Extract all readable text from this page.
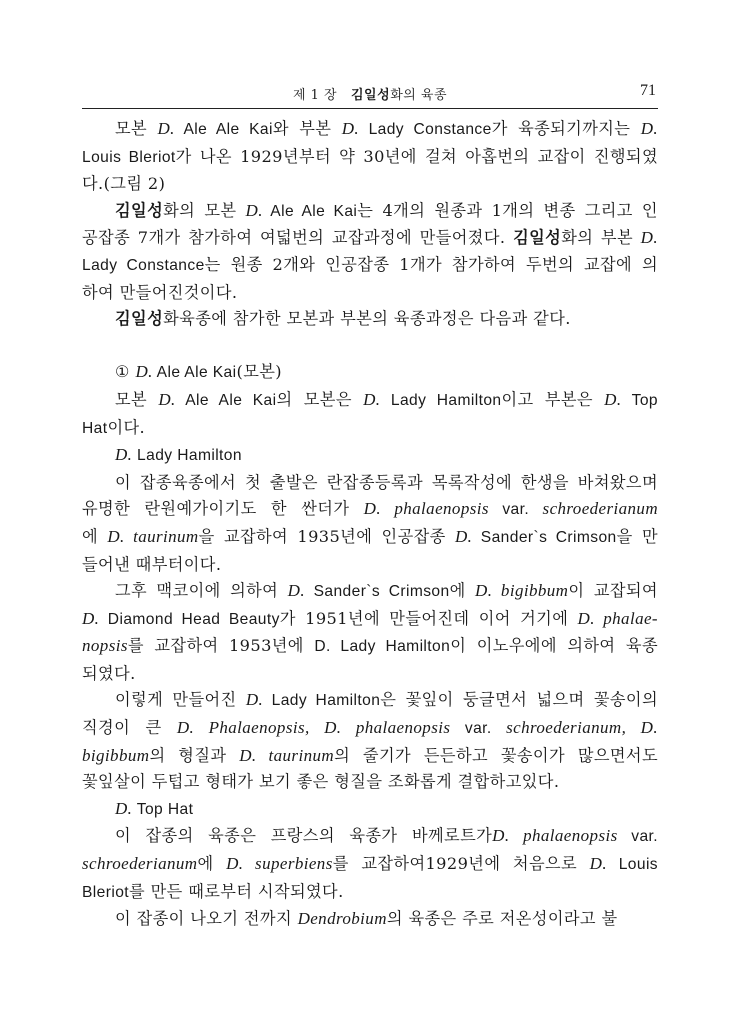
제 1 장 김일성화의 육종	71

모본 D. Ale Ale Kai와 부본 D. Lady Constance가 육종되기까지는 D.
Louis Bleriot가 나온 1929년부터 약 30년에 걸쳐 아홉번의 교잡이 진행되였
다.(그림 2)

김일성화의 모본 D. Ale Ale Kai는 4개의 원종과 1개의 변종 그리고 인
공잡종 7개가 참가하여 여덟번의 교잡과정에 만들어졌다. 김일성화의 부본 D.
Lady Constance는 원종 2개와 인공잡종 1개가 참가하여 두번의 교잡에 의
하여 만들어진것이다.

김일성화육종에 참가한 모본과 부본의 육종과정은 다음과 같다.

① D. Ale Ale Kai(모본)

모본 D. Ale Ale Kai의 모본은 D. Lady Hamilton이고 부본은 D. Top
Hat이다.

D. Lady Hamilton

이 잡종육종에서 첫 출발은 란잡종등록과 목록작성에 한생을 바쳐왔으며
유명한 란원예가이기도 한 싼더가 D. phalaenopsis var. schroederianum
에 D. taurinum을 교잡하여 1935년에 인공잡종 D. Sander`s Crimson을 만
들어낸 때부터이다.

그후 맥코이에 의하여 D. Sander`s Crimson에 D. bigibbum이 교잡되여
D. Diamond Head Beauty가 1951년에 만들어진데 이어 거기에 D. phalae-
nopsis를 교잡하여 1953년에 D. Lady Hamilton이 이노우에에 의하여 육종
되였다.

이렇게 만들어진 D. Lady Hamilton은 꽃잎이 둥글면서 넓으며 꽃송이의
직경이 큰 D. Phalaenopsis, D. phalaenopsis var. schroederianum, D.
bigibbum의 형질과 D. taurinum의 줄기가 든든하고 꽃송이가 많으면서도
꽃잎살이 두텁고 형태가 보기 좋은 형질을 조화롭게 결합하고있다.

D. Top Hat

이 잡종의 육종은 프랑스의 육종가 바께로트가D. phalaenopsis var.
schroederianum에 D. superbiens를 교잡하여1929년에 처음으로 D. Louis
Bleriot를 만든 때로부터 시작되였다.

이 잡종이 나오기 전까지 Dendrobium의 육종은 주로 저온성이라고 불
